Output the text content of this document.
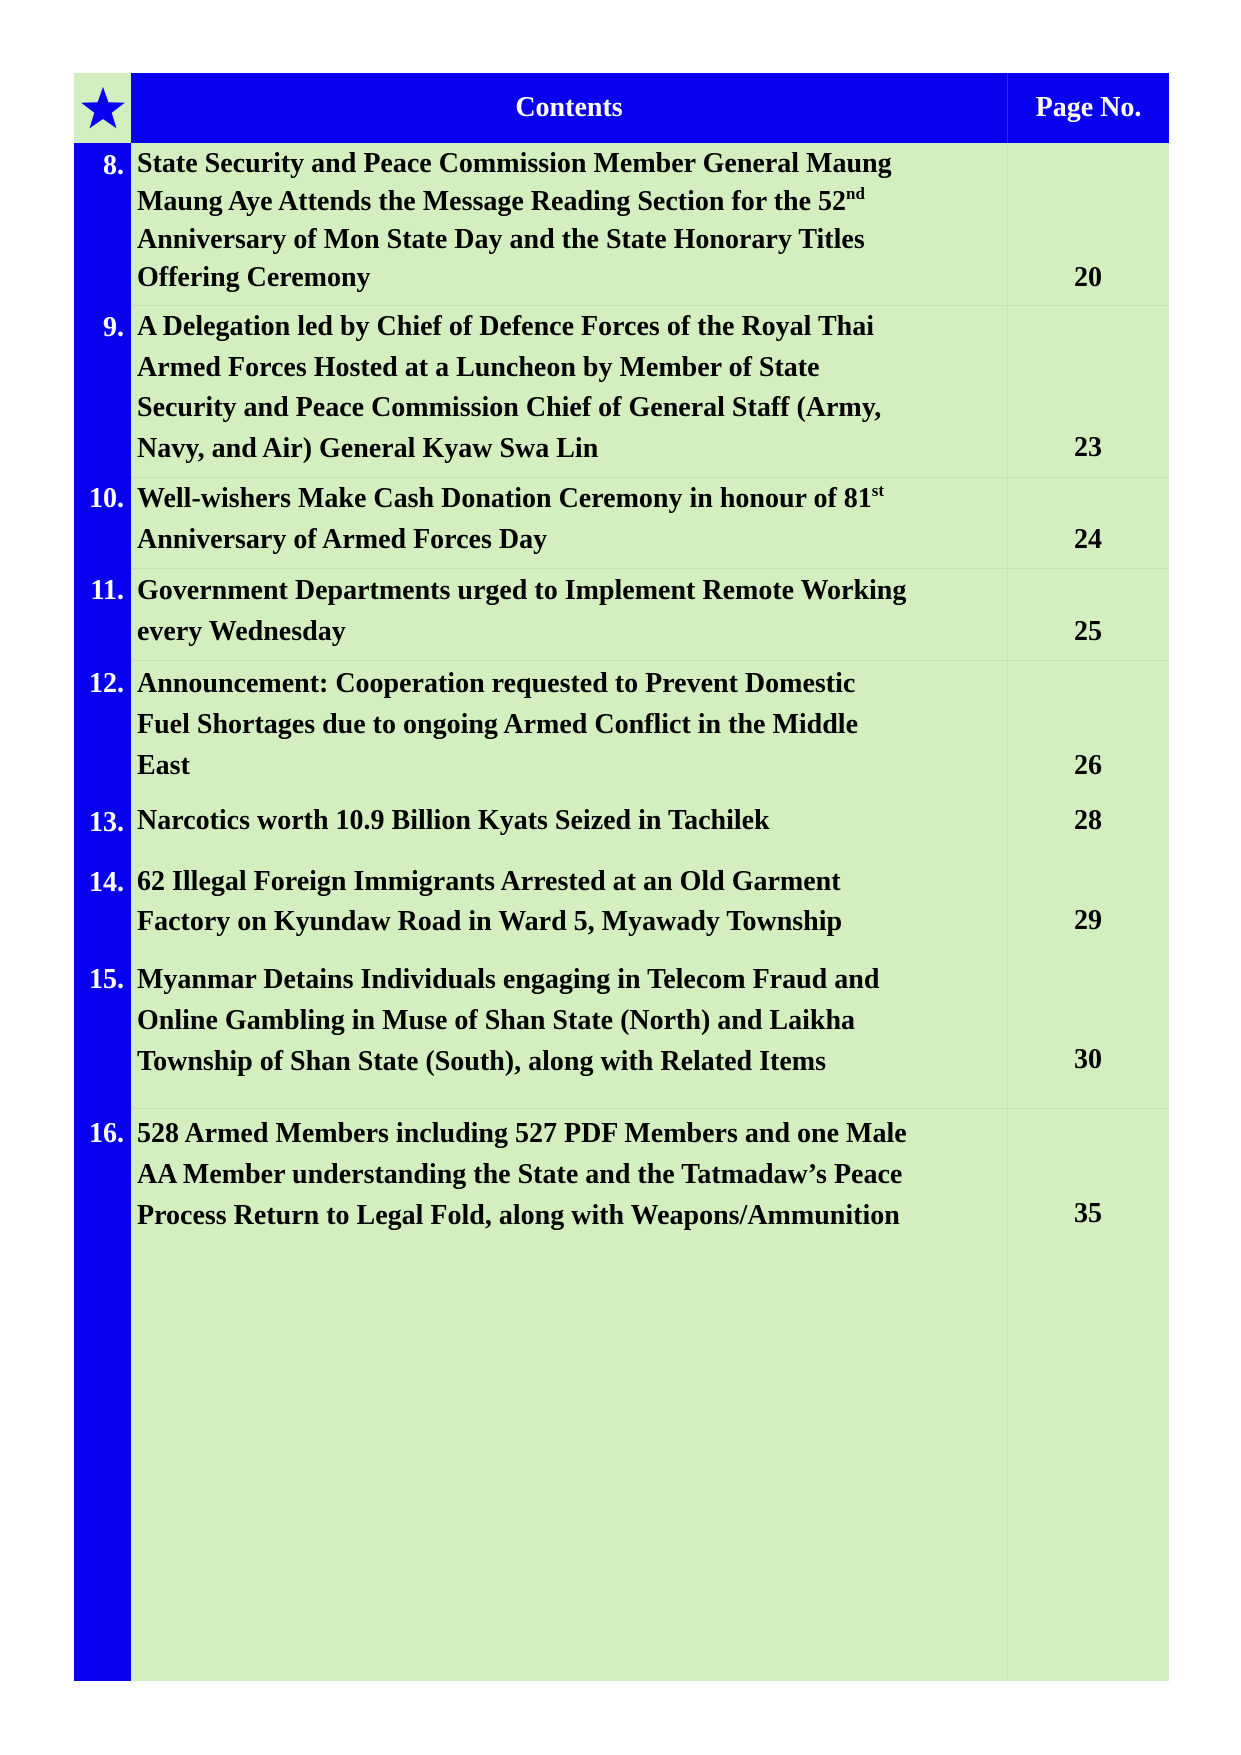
Contents	Page No.
8. State Security and Peace Commission Member General Maung
Maung Aye Attends the Message Reading Section for the 52nd
Anniversary of Mon State Day and the State Honorary Titles
Offering Ceremony	20
9. A Delegation led by Chief of Defence Forces of the Royal Thai
Armed Forces Hosted at a Luncheon by Member of State
Security and Peace Commission Chief of General Staff (Army,
Navy, and Air) General Kyaw Swa Lin	23
10. Well-wishers Make Cash Donation Ceremony in honour of 81st
Anniversary of Armed Forces Day	24
11. Government Departments urged to Implement Remote Working
every Wednesday	25
12. Announcement: Cooperation requested to Prevent Domestic
Fuel Shortages due to ongoing Armed Conflict in the Middle
East	26
13. Narcotics worth 10.9 Billion Kyats Seized in Tachilek	28
14. 62 Illegal Foreign Immigrants Arrested at an Old Garment
Factory on Kyundaw Road in Ward 5, Myawady Township	29
15. Myanmar Detains Individuals engaging in Telecom Fraud and
Online Gambling in Muse of Shan State (North) and Laikha
Township of Shan State (South), along with Related Items	30
16. 528 Armed Members including 527 PDF Members and one Male
AA Member understanding the State and the Tatmadaw’s Peace
Process Return to Legal Fold, along with Weapons/Ammunition	35
